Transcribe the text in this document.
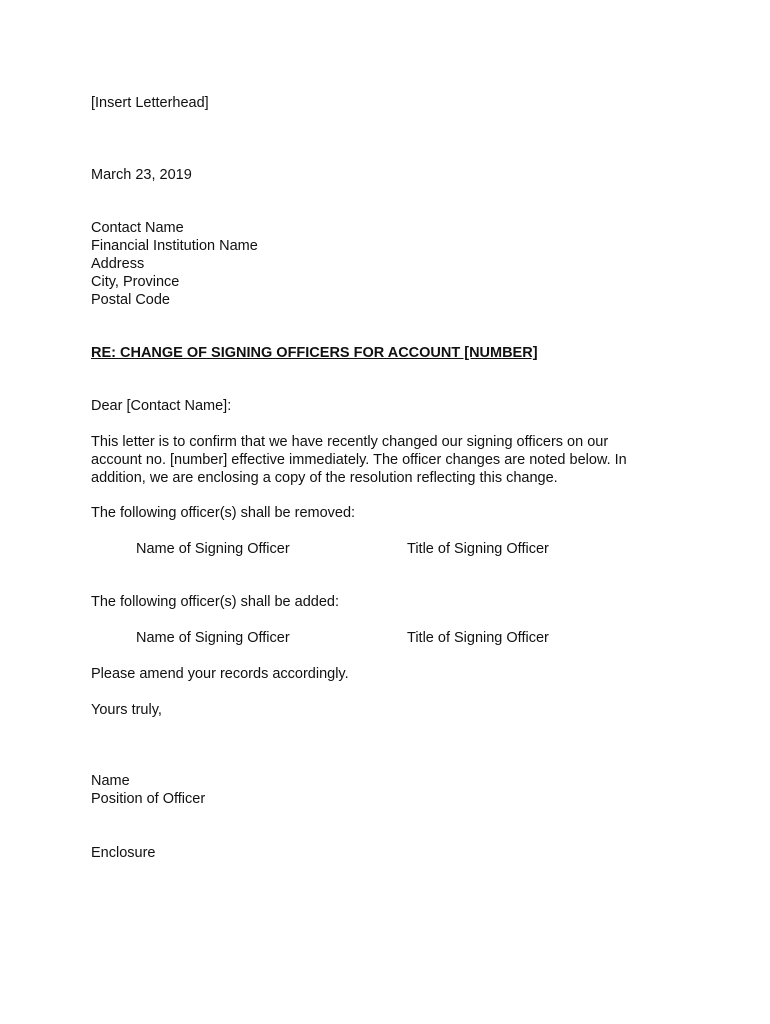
[Insert Letterhead]
March 23, 2019
Contact Name
Financial Institution Name
Address
City, Province
Postal Code
RE: CHANGE OF SIGNING OFFICERS FOR ACCOUNT [NUMBER]
Dear [Contact Name]:
This letter is to confirm that we have recently changed our signing officers on our
account no. [number] effective immediately. The officer changes are noted below. In
addition, we are enclosing a copy of the resolution reflecting this change.
The following officer(s) shall be removed:
Name of Signing Officer	Title of Signing Officer
The following officer(s) shall be added:
Name of Signing Officer	Title of Signing Officer
Please amend your records accordingly.
Yours truly,
Name
Position of Officer
Enclosure
